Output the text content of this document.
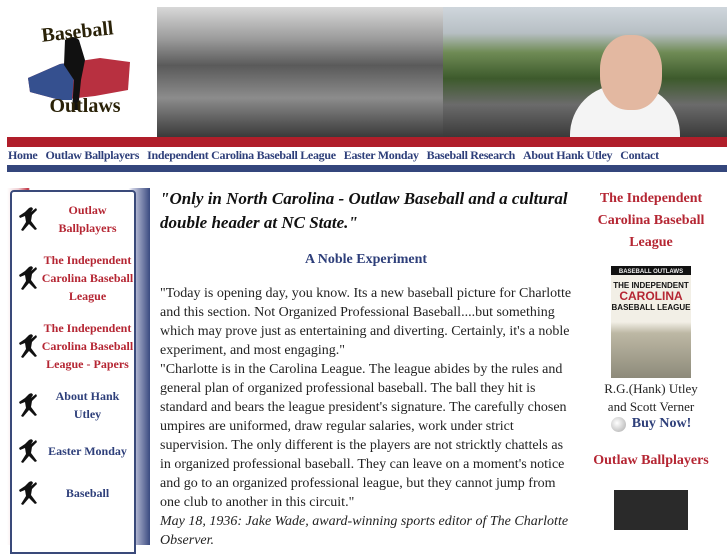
Baseball
Outlaws
Home Outlaw Ballplayers Independent Carolina Baseball League Easter Monday Baseball Research About Hank Utley Contact
Outlaw Ballplayers
The Independent Carolina Baseball League
The Independent Carolina Baseball League - Papers
About Hank Utley
Easter Monday
Baseball
"Only in North Carolina - Outlaw Baseball and a cultural double header at NC State."
A Noble Experiment

"Today is opening day, you know. Its a new baseball picture for Charlotte and this section. Not Organized Professional Baseball....but something which may prove just as entertaining and diverting. Certainly, it's a noble experiment, and most engaging."

"Charlotte is in the Carolina League. The league abides by the rules and general plan of organized professional baseball. The ball they hit is standard and bears the league president's signature. The carefully chosen umpires are uniformed, draw regular salaries, work under strict supervision. The only different is the players are not stricktly chattels as in organized professional baseball. They can leave on a moment's notice and go to an organized professional league, but they cannot jump from one club to another in this circuit."

May 18, 1936: Jake Wade, award-winning sports editor of The Charlotte Observer.

The Independent Carolina Baseball League
BASEBALL OUTLAWS
THE INDEPENDENT
CAROLINA
BASEBALL LEAGUE
R.G.(Hank) Utley
and Scott Verner
Buy Now!
Outlaw Ballplayers
